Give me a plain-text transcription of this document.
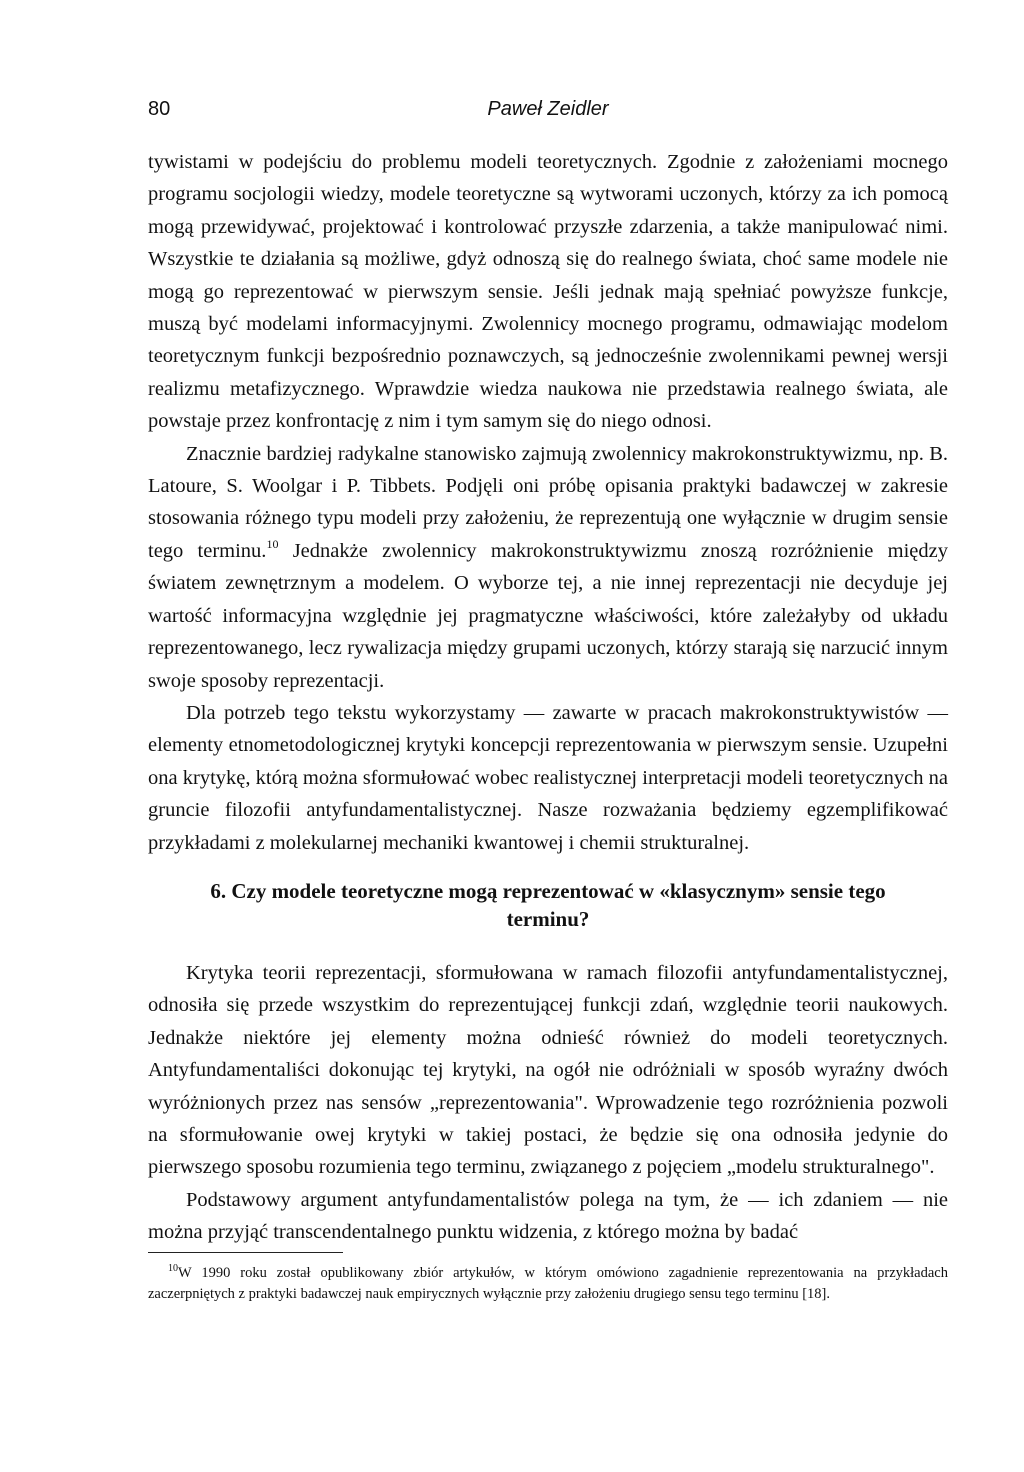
80	Paweł Zeidler

tywistami w podejściu do problemu modeli teoretycznych. Zgodnie z założeniami mocnego programu socjologii wiedzy, modele teoretyczne są wytworami uczonych, którzy za ich pomocą mogą przewidywać, projektować i kontrolować przyszłe zdarzenia, a także manipulować nimi. Wszystkie te działania są możliwe, gdyż odnoszą się do realnego świata, choć same modele nie mogą go reprezentować w pierwszym sensie. Jeśli jednak mają spełniać powyższe funkcje, muszą być modelami informacyjnymi. Zwolennicy mocnego programu, odmawiając modelom teoretycznym funkcji bezpośrednio poznawczych, są jednocześnie zwolennikami pewnej wersji realizmu metafizycznego. Wprawdzie wiedza naukowa nie przedstawia realnego świata, ale powstaje przez konfrontację z nim i tym samym się do niego odnosi.

Znacznie bardziej radykalne stanowisko zajmują zwolennicy makrokonstruktywizmu, np. B. Latoure, S. Woolgar i P. Tibbets. Podjęli oni próbę opisania praktyki badawczej w zakresie stosowania różnego typu modeli przy założeniu, że reprezentują one wyłącznie w drugim sensie tego terminu.$^{10}$ Jednakże zwolennicy makrokonstruktywizmu znoszą rozróżnienie między światem zewnętrznym a modelem. O wyborze tej, a nie innej reprezentacji nie decyduje jej wartość informacyjna względnie jej pragmatyczne właściwości, które zależałyby od układu reprezentowanego, lecz rywalizacja między grupami uczonych, którzy starają się narzucić innym swoje sposoby reprezentacji.

Dla potrzeb tego tekstu wykorzystamy — zawarte w pracach makrokonstruktywistów — elementy etnometodologicznej krytyki koncepcji reprezentowania w pierwszym sensie. Uzupełni ona krytykę, którą można sformułować wobec realistycznej interpretacji modeli teoretycznych na gruncie filozofii antyfundamentalistycznej. Nasze rozważania będziemy egzemplifikować przykładami z molekularnej mechaniki kwantowej i chemii strukturalnej.

6. Czy modele teoretyczne mogą reprezentować w «klasycznym» sensie tego terminu?

Krytyka teorii reprezentacji, sformułowana w ramach filozofii antyfundamentalistycznej, odnosiła się przede wszystkim do reprezentującej funkcji zdań, względnie teorii naukowych. Jednakże niektóre jej elementy można odnieść również do modeli teoretycznych. Antyfundamentaliści dokonując tej krytyki, na ogół nie odróżniali w sposób wyraźny dwóch wyróżnionych przez nas sensów „reprezentowania". Wprowadzenie tego rozróżnienia pozwoli na sformułowanie owej krytyki w takiej postaci, że będzie się ona odnosiła jedynie do pierwszego sposobu rozumienia tego terminu, związanego z pojęciem „modelu strukturalnego".

Podstawowy argument antyfundamentalistów polega na tym, że — ich zdaniem — nie można przyjąć transcendentalnego punktu widzenia, z którego można by badać

$^{10}$W 1990 roku został opublikowany zbiór artykułów, w którym omówiono zagadnienie reprezentowania na przykładach zaczerpniętych z praktyki badawczej nauk empirycznych wyłącznie przy założeniu drugiego sensu tego terminu [18].
